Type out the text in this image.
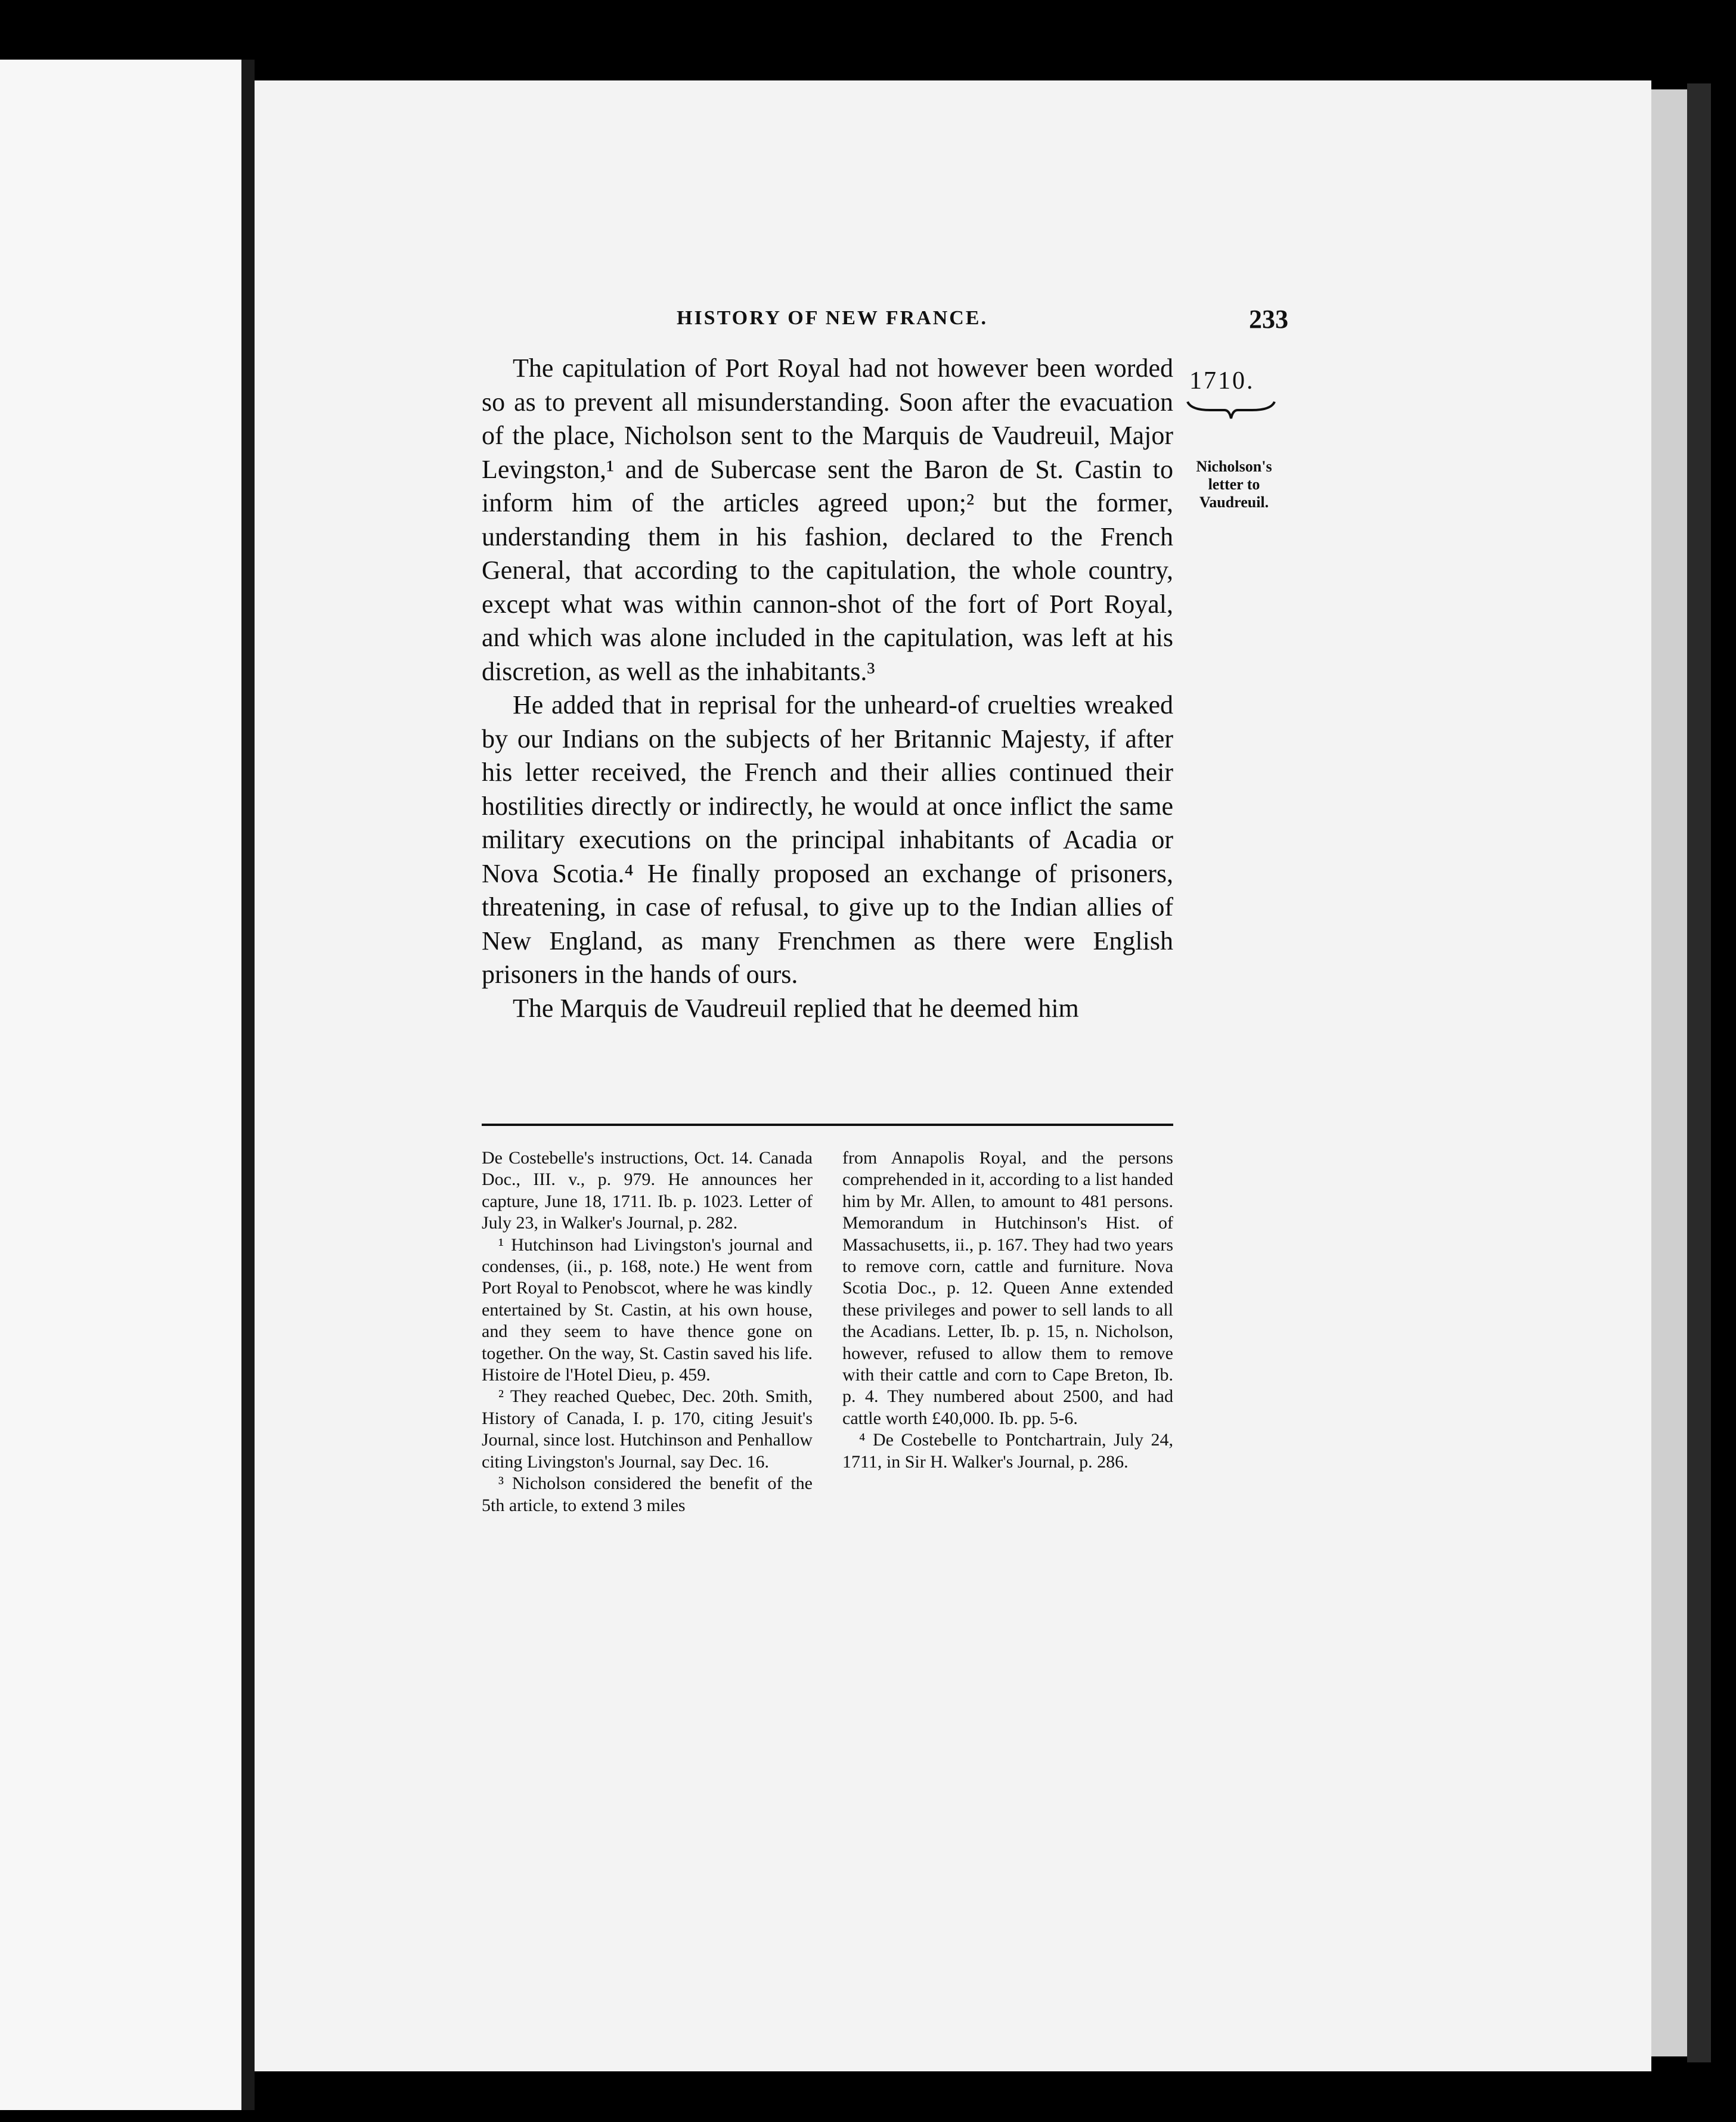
HISTORY OF NEW FRANCE.	233
1710.
Nicholson's
letter to
Vaudreuil.

The capitulation of Port Royal had not however been worded so as to prevent all misunderstanding. Soon after the evacuation of the place, Nicholson sent to the Marquis de Vaudreuil, Major Levingston,¹ and de Subercase sent the Baron de St. Castin to inform him of the articles agreed upon;² but the former, understanding them in his fashion, declared to the French General, that according to the capitulation, the whole country, except what was within cannon-shot of the fort of Port Royal, and which was alone included in the capitulation, was left at his discretion, as well as the inhabitants.³

He added that in reprisal for the unheard-of cruelties wreaked by our Indians on the subjects of her Britannic Majesty, if after his letter received, the French and their allies continued their hostilities directly or indirectly, he would at once inflict the same military executions on the principal inhabitants of Acadia or Nova Scotia.⁴ He finally proposed an exchange of prisoners, threatening, in case of refusal, to give up to the Indian allies of New England, as many Frenchmen as there were English prisoners in the hands of ours.

The Marquis de Vaudreuil replied that he deemed him

De Costebelle's instructions, Oct. 14. Canada Doc., III. v., p. 979. He announces her capture, June 18, 1711. Ib. p. 1023. Letter of July 23, in Walker's Journal, p. 282.

¹ Hutchinson had Livingston's journal and condenses, (ii., p. 168, note.) He went from Port Royal to Penobscot, where he was kindly entertained by St. Castin, at his own house, and they seem to have thence gone on together. On the way, St. Castin saved his life. Histoire de l'Hotel Dieu, p. 459.

² They reached Quebec, Dec. 20th. Smith, History of Canada, I. p. 170, citing Jesuit's Journal, since lost. Hutchinson and Penhallow citing Livingston's Journal, say Dec. 16.

³ Nicholson considered the benefit of the 5th article, to extend 3 miles

from Annapolis Royal, and the persons comprehended in it, according to a list handed him by Mr. Allen, to amount to 481 persons. Memorandum in Hutchinson's Hist. of Massachusetts, ii., p. 167. They had two years to remove corn, cattle and furniture. Nova Scotia Doc., p. 12. Queen Anne extended these privileges and power to sell lands to all the Acadians. Letter, Ib. p. 15, n. Nicholson, however, refused to allow them to remove with their cattle and corn to Cape Breton, Ib. p. 4. They numbered about 2500, and had cattle worth £40,000. Ib. pp. 5-6.

⁴ De Costebelle to Pontchartrain, July 24, 1711, in Sir H. Walker's Journal, p. 286.
